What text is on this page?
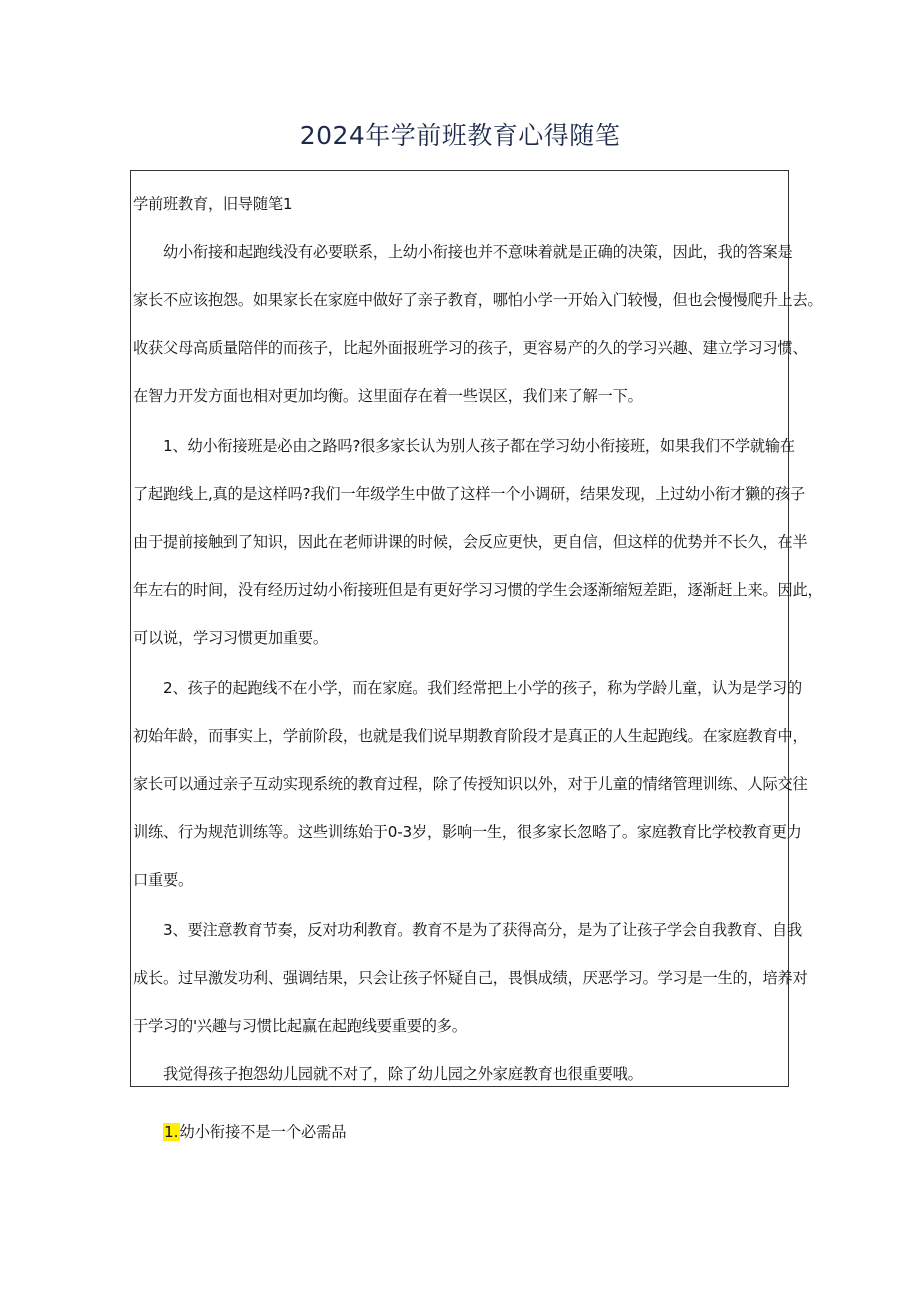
2024年学前班教育心得随笔
学前班教育，旧导随笔1
幼小衔接和起跑线没有必要联系，上幼小衔接也并不意味着就是正确的决策，因此，我的答案是
家长不应该抱怨。如果家长在家庭中做好了亲子教育，哪怕小学一开始入门较慢，但也会慢慢爬升上去。
收获父母高质量陪伴的而孩子，比起外面报班学习的孩子，更容易产的久的学习兴趣、建立学习习惯、
在智力开发方面也相对更加均衡。这里面存在着一些误区，我们来了解一下。
1、幼小衔接班是必由之路吗?很多家长认为别人孩子都在学习幼小衔接班，如果我们不学就输在
了起跑线上,真的是这样吗?我们一年级学生中做了这样一个小调研，结果发现，上过幼小衔才獭的孩子
由于提前接触到了知识，因此在老师讲课的时候，会反应更快，更自信，但这样的优势并不长久，在半
年左右的时间，没有经历过幼小衔接班但是有更好学习习惯的学生会逐渐缩短差距，逐渐赶上来。因此，
可以说，学习习惯更加重要。
2、孩子的起跑线不在小学，而在家庭。我们经常把上小学的孩子，称为学龄儿童，认为是学习的
初始年龄，而事实上，学前阶段，也就是我们说早期教育阶段才是真正的人生起跑线。在家庭教育中，
家长可以通过亲子互动实现系统的教育过程，除了传授知识以外，对于儿童的情绪管理训练、人际交往
训练、行为规范训练等。这些训练始于0-3岁，影响一生，很多家长忽略了。家庭教育比学校教育更力
口重要。
3、要注意教育节奏，反对功利教育。教育不是为了获得高分，是为了让孩子学会自我教育、自我
成长。过早激发功利、强调结果，只会让孩子怀疑自己，畏惧成绩，厌恶学习。学习是一生的，培养对
于学习的'兴趣与习惯比起赢在起跑线要重要的多。
我觉得孩子抱怨幼儿园就不对了，除了幼儿园之外家庭教育也很重要哦。
1.幼小衔接不是一个必需品
